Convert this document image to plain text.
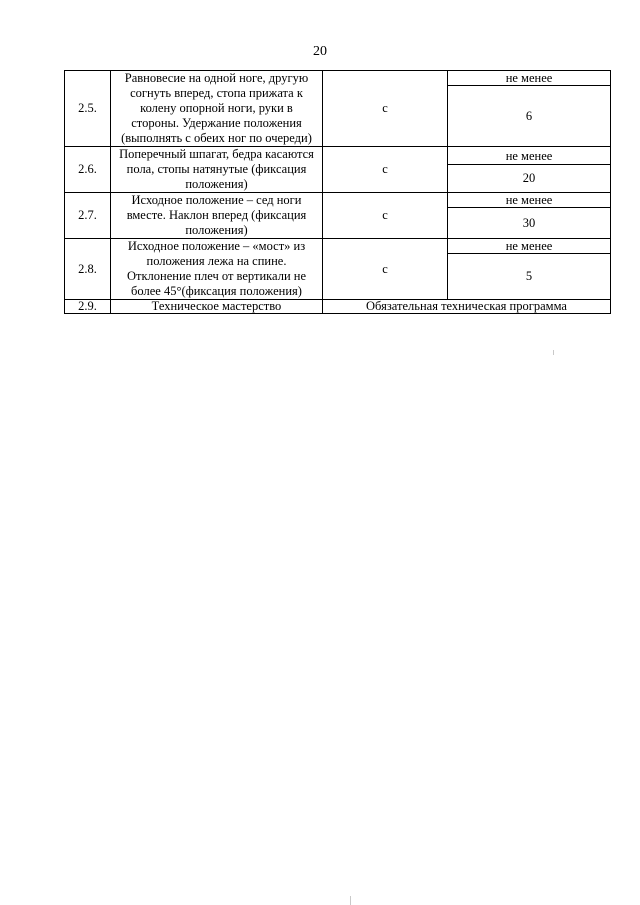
20
2.5.	Равновесие на одной ноге, другую согнуть вперед, стопа прижата к колену опорной ноги, руки в стороны. Удержание положения (выполнять с обеих ног по очереди)	с	не менее
			6
2.6.	Поперечный шпагат, бедра касаются пола, стопы натянутые (фиксация положения)	с	не менее
			20
2.7.	Исходное положение – сед ноги вместе. Наклон вперед (фиксация положения)	с	не менее
			30
2.8.	Исходное положение – «мост» из положения лежа на спине. Отклонение плеч от вертикали не более 45°(фиксация положения)	с	не менее
			5
2.9.	Техническое мастерство	Обязательная техническая программа	
